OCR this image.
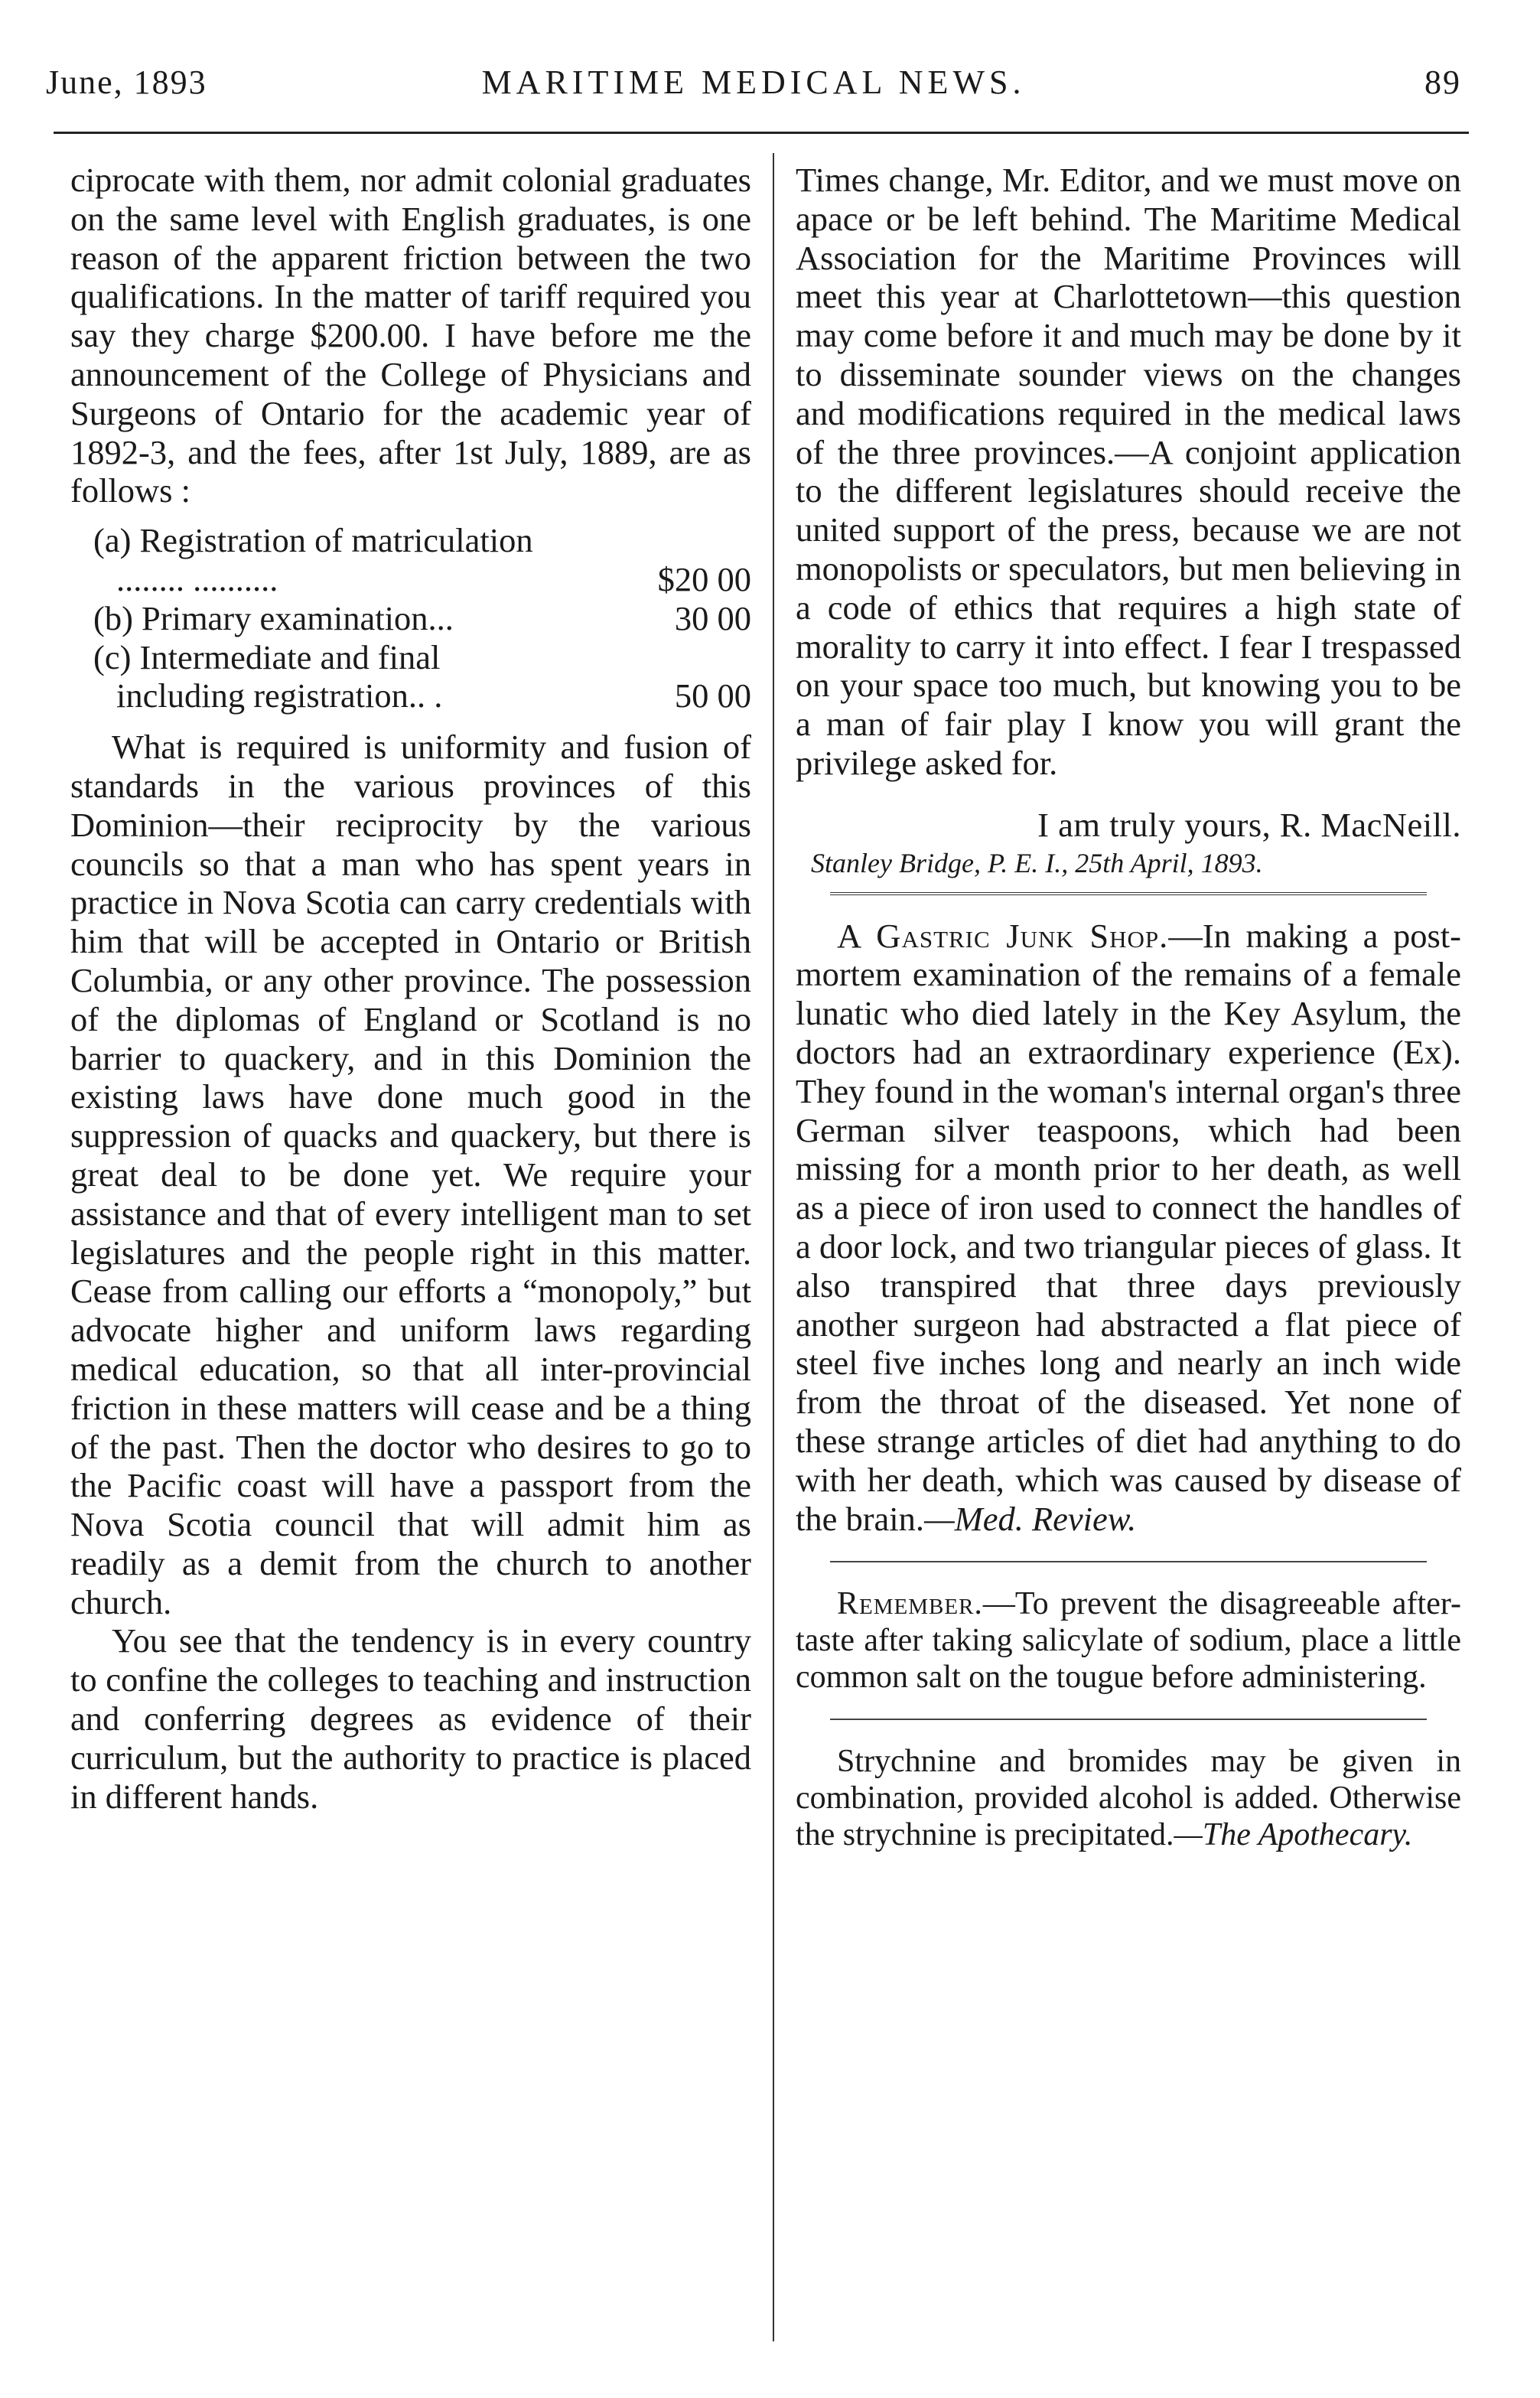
June, 1893	MARITIME MEDICAL NEWS.	89

ciprocate with them, nor admit colonial graduates on the same level with English graduates, is one reason of the apparent friction between the two qualifications. In the matter of tariff required you say they charge $200.00. I have before me the announcement of the College of Physicians and Surgeons of Ontario for the academic year of 1892-3, and the fees, after 1st July, 1889, are as follows :

(a) Registration of matriculation
........ ..........	$20 00
(b) Primary examination...	30 00
(c) Intermediate and final
including registration.. .	50 00

What is required is uniformity and fusion of standards in the various provinces of this Dominion—their reciprocity by the various councils so that a man who has spent years in practice in Nova Scotia can carry credentials with him that will be accepted in Ontario or British Columbia, or any other province. The possession of the diplomas of England or Scotland is no barrier to quackery, and in this Dominion the existing laws have done much good in the suppression of quacks and quackery, but there is great deal to be done yet. We require your assistance and that of every intelligent man to set legislatures and the people right in this matter. Cease from calling our efforts a “monopoly,” but advocate higher and uniform laws regarding medical education, so that all inter-provincial friction in these matters will cease and be a thing of the past. Then the doctor who desires to go to the Pacific coast will have a passport from the Nova Scotia council that will admit him as readily as a demit from the church to another church.

You see that the tendency is in every country to confine the colleges to teaching and instruction and conferring degrees as evidence of their curriculum, but the authority to practice is placed in different hands.

Times change, Mr. Editor, and we must move on apace or be left behind. The Maritime Medical Association for the Maritime Provinces will meet this year at Charlottetown—this question may come before it and much may be done by it to disseminate sounder views on the changes and modifications required in the medical laws of the three provinces.—A conjoint application to the different legislatures should receive the united support of the press, because we are not monopolists or speculators, but men believing in a code of ethics that requires a high state of morality to carry it into effect. I fear I trespassed on your space too much, but knowing you to be a man of fair play I know you will grant the privilege asked for.

I am truly yours, R. MacNeill.
Stanley Bridge, P. E. I., 25th April, 1893.

A Gastric Junk Shop.—In making a post-mortem examination of the remains of a female lunatic who died lately in the Key Asylum, the doctors had an extraordinary experience (Ex). They found in the woman's internal organ's three German silver teaspoons, which had been missing for a month prior to her death, as well as a piece of iron used to connect the handles of a door lock, and two triangular pieces of glass. It also transpired that three days previously another surgeon had abstracted a flat piece of steel five inches long and nearly an inch wide from the throat of the diseased. Yet none of these strange articles of diet had anything to do with her death, which was caused by disease of the brain.—Med. Review.

Remember.—To prevent the disagreeable after-taste after taking salicylate of sodium, place a little common salt on the tougue before administering.

Strychnine and bromides may be given in combination, provided alcohol is added. Otherwise the strychnine is precipitated.—The Apothecary.
